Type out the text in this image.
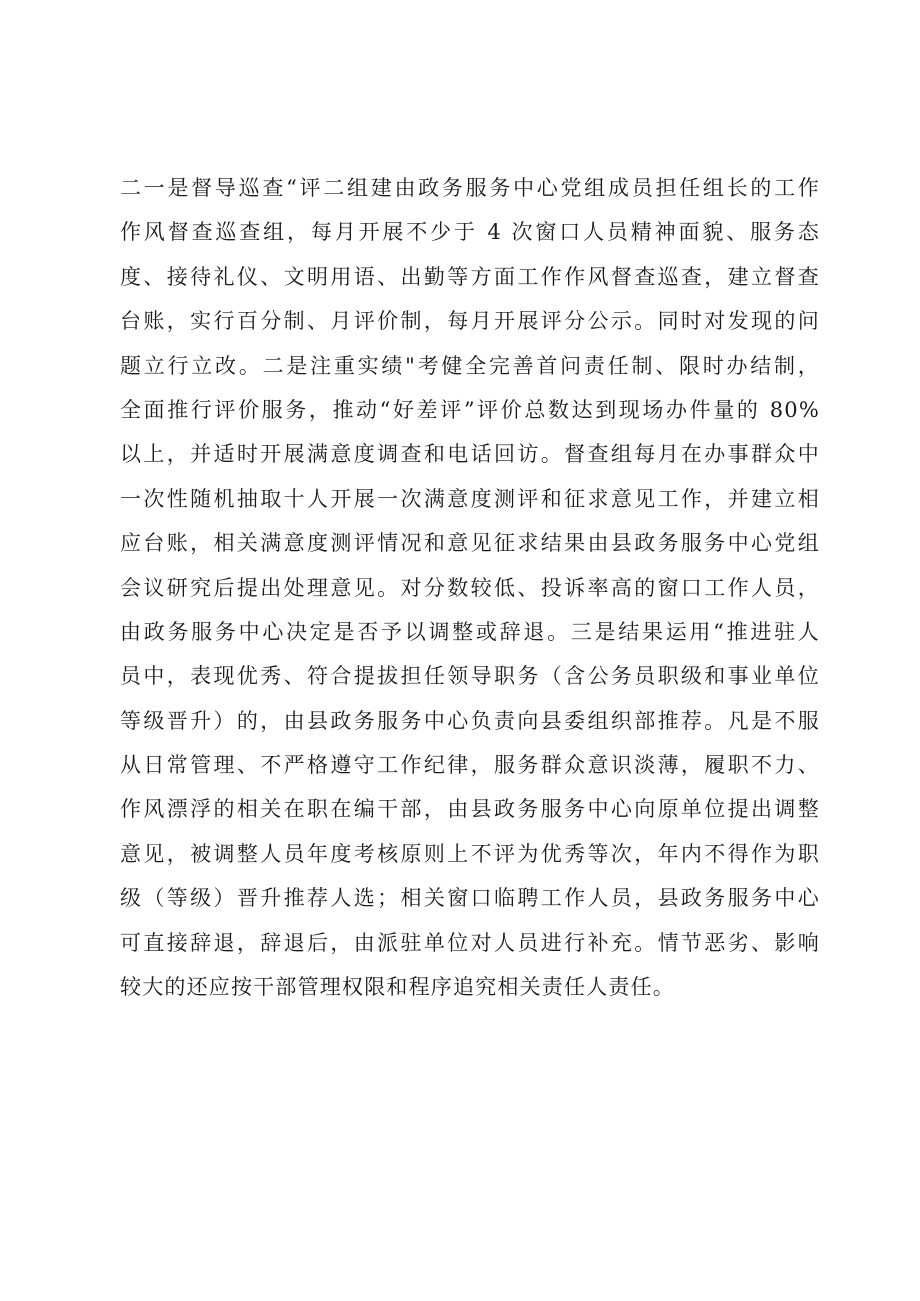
二一是督导巡查“评二组建由政务服务中心党组成员担任组长的工作
作风督查巡查组，每月开展不少于 4 次窗口人员精神面貌、服务态
度、接待礼仪、文明用语、出勤等方面工作作风督查巡查，建立督查
台账，实行百分制、月评价制，每月开展评分公示。同时对发现的问
题立行立改。二是注重实绩"考健全完善首问责任制、限时办结制，
全面推行评价服务，推动“好差评”评价总数达到现场办件量的 80%
以上，并适时开展满意度调查和电话回访。督查组每月在办事群众中
一次性随机抽取十人开展一次满意度测评和征求意见工作，并建立相
应台账，相关满意度测评情况和意见征求结果由县政务服务中心党组
会议研究后提出处理意见。对分数较低、投诉率高的窗口工作人员，
由政务服务中心决定是否予以调整或辞退。三是结果运用“推进驻人
员中，表现优秀、符合提拔担任领导职务（含公务员职级和事业单位
等级晋升）的，由县政务服务中心负责向县委组织部推荐。凡是不服
从日常管理、不严格遵守工作纪律，服务群众意识淡薄，履职不力、
作风漂浮的相关在职在编干部，由县政务服务中心向原单位提出调整
意见，被调整人员年度考核原则上不评为优秀等次，年内不得作为职
级（等级）晋升推荐人选；相关窗口临聘工作人员，县政务服务中心
可直接辞退，辞退后，由派驻单位对人员进行补充。情节恶劣、影响
较大的还应按干部管理权限和程序追究相关责任人责任。
